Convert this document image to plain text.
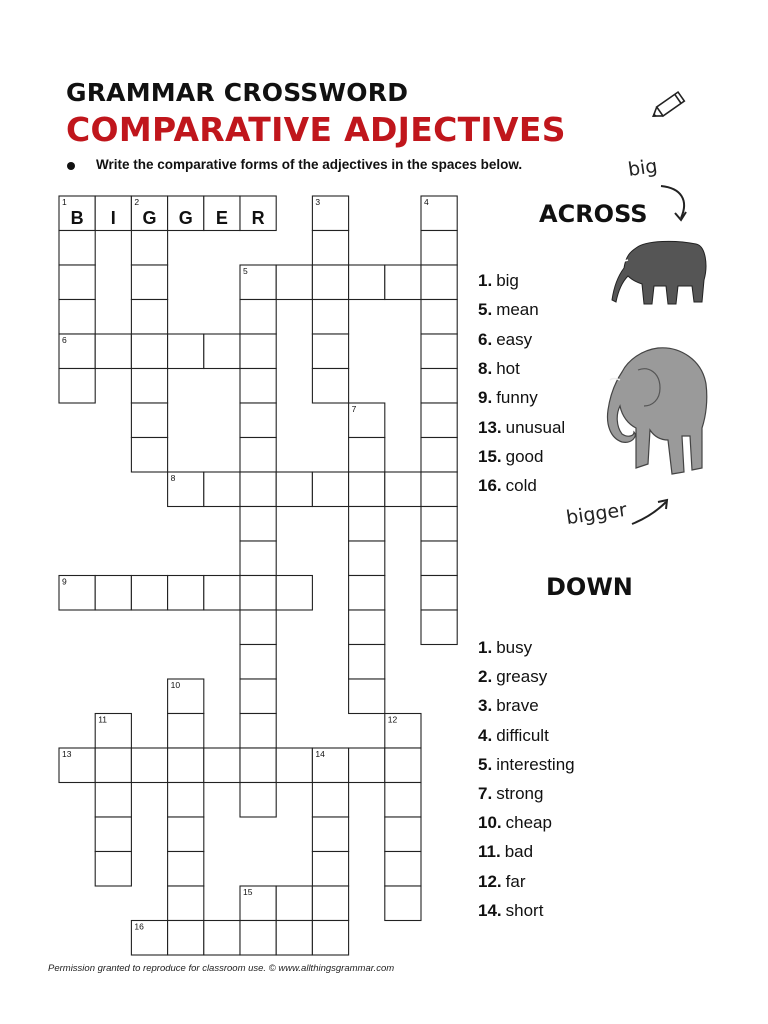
GRAMMAR CROSSWORD
COMPARATIVE ADJECTIVES
Write the comparative forms of the adjectives in the spaces below.
1	2	3	4
5
6
7
8
9
10
11	12
13	14
15
16
B I G G E R	ACROSS
1. big
5. mean
6. easy
8. hot
9. funny
13. unusual
15. good
16. cold
DOWN
1. busy
2. greasy
3. brave
4. difficult
5. interesting
7. strong
10. cheap
11. bad
12. far
14. short
big
bigger
Permission granted to reproduce for classroom use. © www.allthingsgrammar.com
